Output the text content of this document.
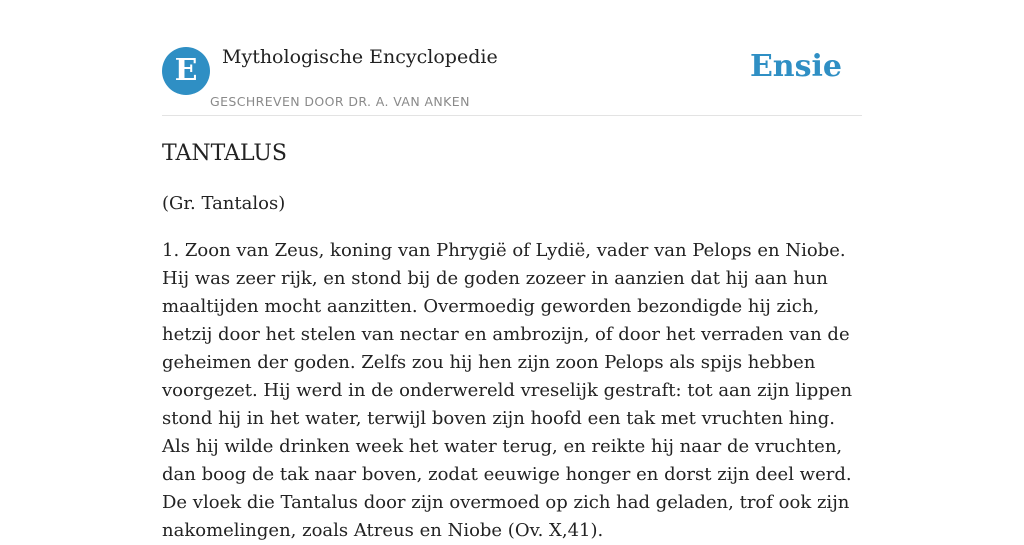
E	Mythologische Encyclopedie
GESCHREVEN DOOR DR. A. VAN ANKEN
Ensie
TANTALUS

(Gr. Tantalos)

1. Zoon van Zeus, koning van Phrygië of Lydië, vader van Pelops en Niobe. Hij was zeer rijk, en stond bij de goden zozeer in aanzien dat hij aan hun maaltijden mocht aanzitten. Overmoedig geworden bezondigde hij zich, hetzij door het stelen van nectar en ambrozijn, of door het verraden van de geheimen der goden. Zelfs zou hij hen zijn zoon Pelops als spijs hebben voorgezet. Hij werd in de onderwereld vreselijk gestraft: tot aan zijn lippen stond hij in het water, terwijl boven zijn hoofd een tak met vruchten hing. Als hij wilde drinken week het water terug, en reikte hij naar de vruchten, dan boog de tak naar boven, zodat eeuwige honger en dorst zijn deel werd. De vloek die Tantalus door zijn overmoed op zich had geladen, trof ook zijn nakomelingen, zoals Atreus en Niobe (Ov. X,41).
